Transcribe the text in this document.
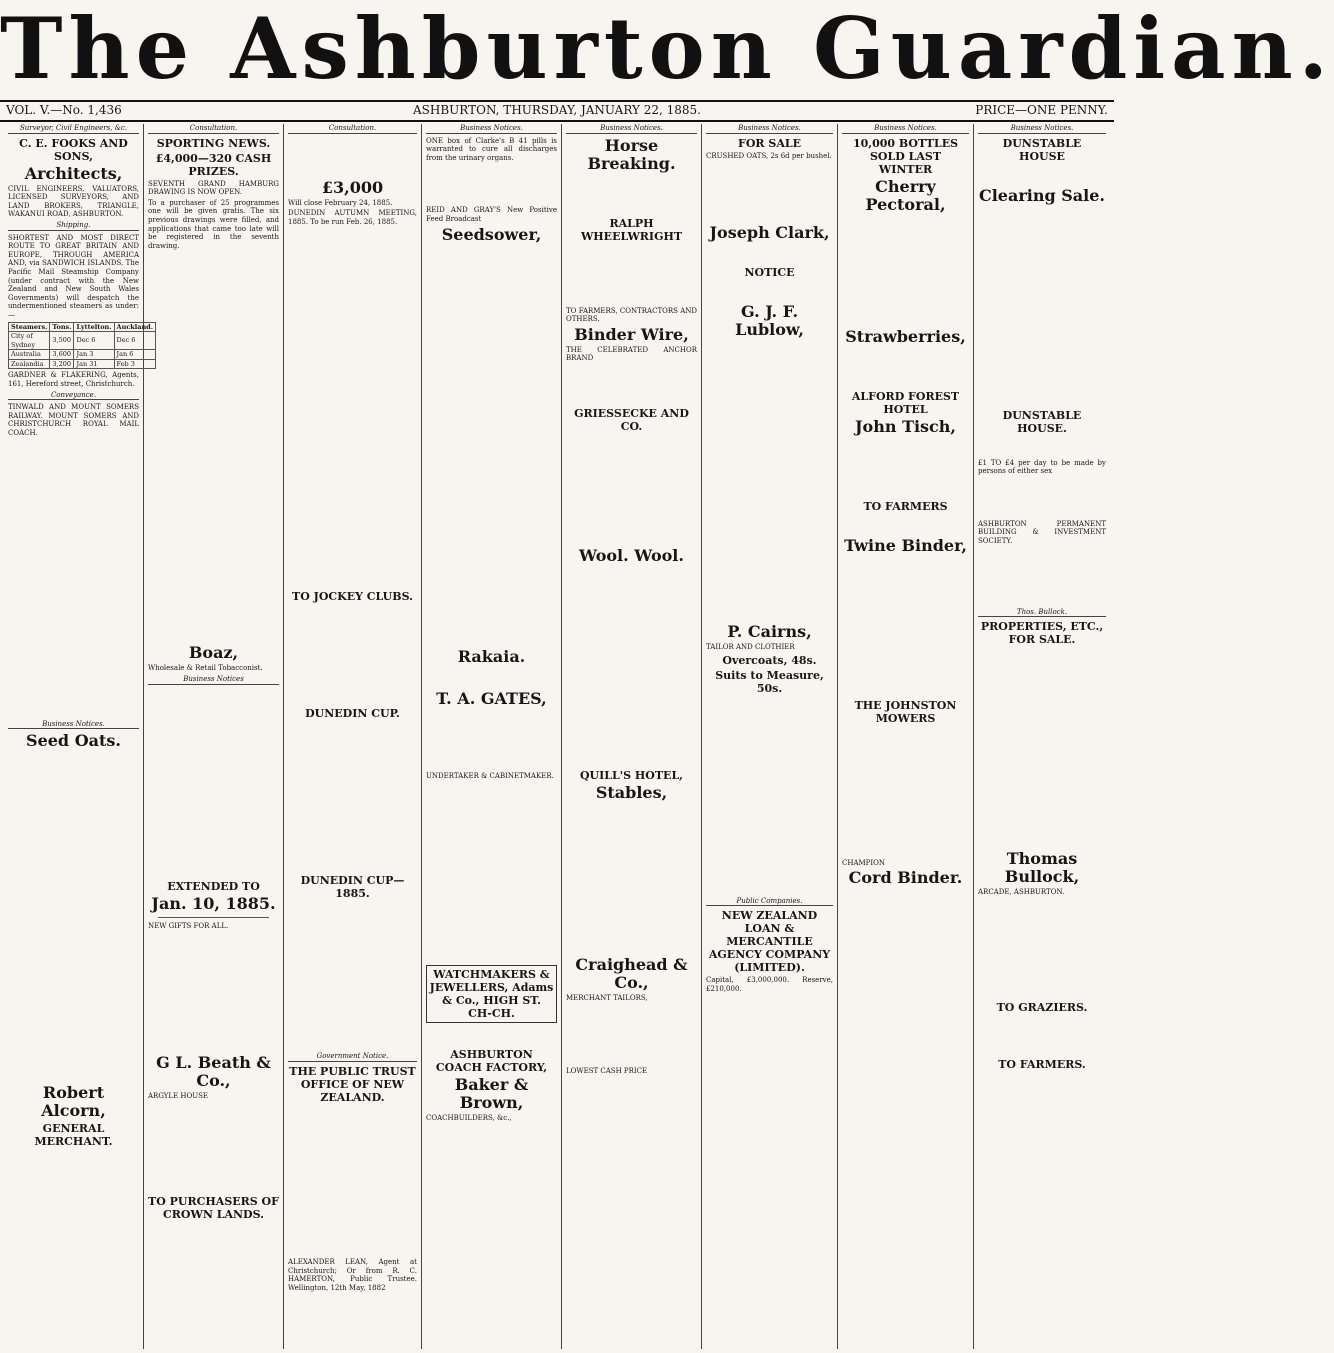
The Ashburton Guardian.
VOL. V.—No. 1,436	ASHBURTON, THURSDAY, JANUARY 22, 1885.	PRICE—ONE PENNY.
Surveyor, Civil Engineers, &c.
C. E. FOOKS AND SONS,
Architects,
CIVIL ENGINEERS, VALUATORS, LICENSED SURVEYORS, AND LAND BROKERS, TRIANGLE, WAKANUI ROAD, ASHBURTON.
Shipping.
SHORTEST AND MOST DIRECT ROUTE TO GREAT BRITAIN AND EUROPE, THROUGH AMERICA AND, via SANDWICH ISLANDS. The Pacific Mail Steamship Company (under contract with the New Zealand and New South Wales Governments) will despatch the undermentioned steamers as under:—
Steamers.	Tons.	Lyttelton.	Auckland.
City of Sydney	3,500	Dec 6	Dec 6
Australia	3,600	Jan 3	Jan 6
Zealandia	3,200	Jan 31	Feb 3
GARDNER & FLAKERING, Agents, 161, Hereford street, Christchurch.
Conveyance.
TINWALD AND MOUNT SOMERS RAILWAY. MOUNT SOMERS AND CHRISTCHURCH ROYAL MAIL COACH.
Business Notices.
Seed Oats.
Robert Alcorn,
GENERAL MERCHANT.
Consultation.
SPORTING NEWS.
£4,000—320 CASH PRIZES.
SEVENTH GRAND HAMBURG DRAWING IS NOW OPEN.
To a purchaser of 25 programmes one will be given gratis. The six previous drawings were filled, and applications that came too late will be registered in the seventh drawing.
Boaz,
Wholesale & Retail Tobacconist.
Business Notices
EXTENDED TO
Jan. 10, 1885.
NEW GIFTS FOR ALL.
G L. Beath & Co.,
ARGYLE HOUSE
TO PURCHASERS OF CROWN LANDS.
Consultation.
£3,000
Will close February 24, 1885.
DUNEDIN AUTUMN MEETING, 1885. To be run Feb. 26, 1885.
TO JOCKEY CLUBS.
DUNEDIN CUP.
DUNEDIN CUP—1885.
Government Notice.
THE PUBLIC TRUST OFFICE OF NEW ZEALAND.
ALEXANDER LEAN, Agent at Christchurch; Or from R. C. HAMERTON, Public Trustee. Wellington, 12th May, 1882
Business Notices.
ONE box of Clarke's B 41 pills is warranted to cure all discharges from the urinary organs.
REID AND GRAY'S New Positive Feed Broadcast
Seedsower,
Rakaia.
T. A. GATES,
UNDERTAKER & CABINETMAKER.
WATCHMAKERS & JEWELLERS, Adams & Co., HIGH ST. CH-CH.
ASHBURTON COACH FACTORY,
Baker & Brown,
COACHBUILDERS, &c.,
Business Notices.
Horse Breaking.
RALPH WHEELWRIGHT
TO FARMERS, CONTRACTORS AND OTHERS.
Binder Wire,
THE CELEBRATED ANCHOR BRAND
GRIESSECKE AND CO.
Wool. Wool.
QUILL'S HOTEL,
Stables,
Craighead & Co.,
MERCHANT TAILORS,
LOWEST CASH PRICE
Business Notices.
FOR SALE
CRUSHED OATS, 2s 6d per bushel.
Joseph Clark,
NOTICE
G. J. F. Lublow,
P. Cairns,
TAILOR AND CLOTHIER
Overcoats, 48s.
Suits to Measure, 50s.
Public Companies.
NEW ZEALAND LOAN & MERCANTILE AGENCY COMPANY (LIMITED).
Capital, £3,000,000. Reserve, £210,000.
Business Notices.
10,000 BOTTLES SOLD LAST WINTER
Cherry Pectoral,
Strawberries,
ALFORD FOREST HOTEL
John Tisch,
TO FARMERS
Twine Binder,
THE JOHNSTON MOWERS
CHAMPION
Cord Binder.
Business Notices.
DUNSTABLE HOUSE
Clearing Sale.
DUNSTABLE HOUSE.
£1 TO £4 per day to be made by persons of either sex
ASHBURTON PERMANENT BUILDING & INVESTMENT SOCIETY.
Thos. Bullock.
PROPERTIES, ETC., FOR SALE.
Thomas Bullock,
ARCADE, ASHBURTON.
TO GRAZIERS.
TO FARMERS.
